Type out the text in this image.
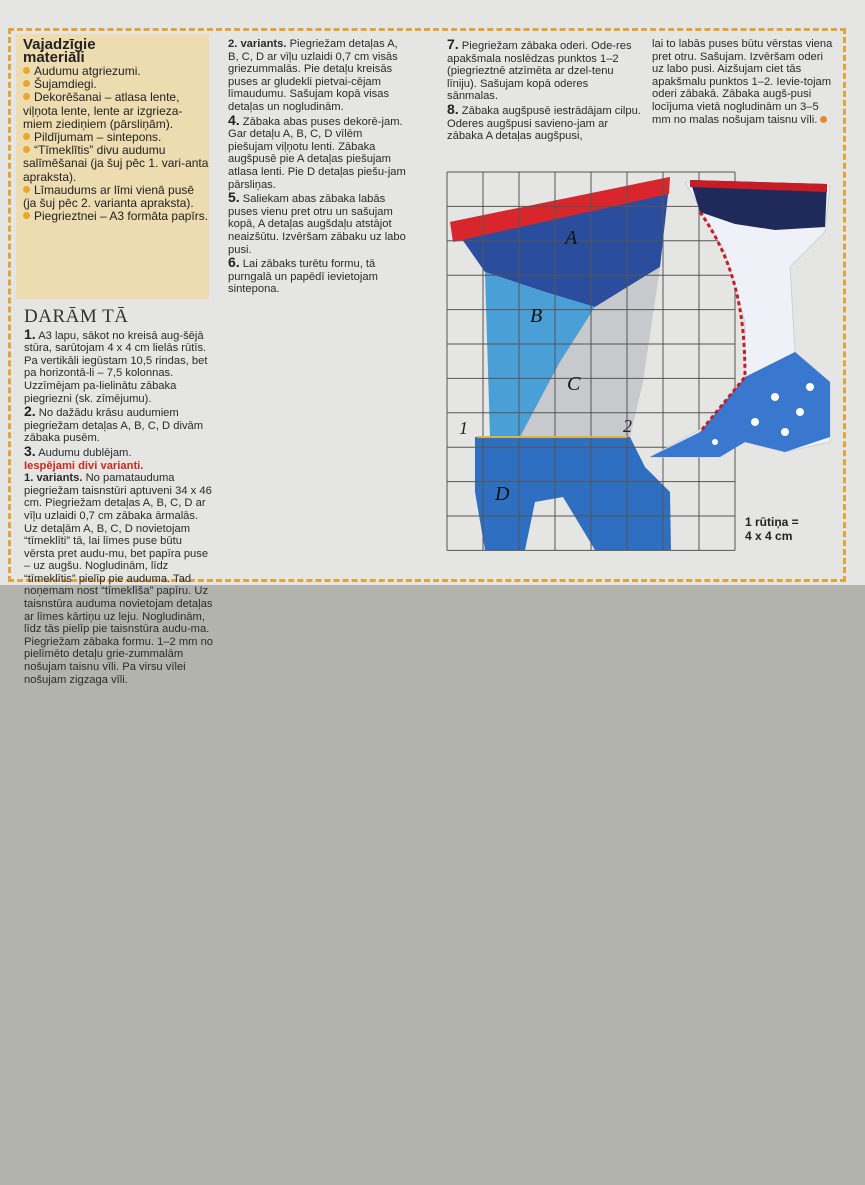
Vajadzīgie materiāli
Audumu atgriezumi.
Šujamdiegi.
Dekorēšanai – atlasa lente, viļņota lente, lente ar izgrieza-miem ziediņiem (pārsliņām).
Pildījumam – sintepons.
“Tīmeklītis” divu audumu salīmēšanai (ja šuj pēc 1. vari-anta apraksta).
Līmaudums ar līmi vienā pusē (ja šuj pēc 2. varianta apraksta).
Piegrieztnei – A3 formāta papīrs.
DARĀM TĀ

1. A3 lapu, sākot no kreisā aug-šējā stūra, sarūtojam 4 x 4 cm lielās rūtīs. Pa vertikāli iegūstam 10,5 rindas, bet pa horizontā-li – 7,5 kolonnas. Uzzīmējam pa-lielinātu zābaka piegriezni (sk. zīmējumu).

2. No dažādu krāsu audumiem piegriežam detaļas A, B, C, D divām zābaka pusēm.

3. Audumu dublējam.

Iespējami divi varianti.

1. variants. No pamatauduma piegriežam taisnstūri aptuveni 34 x 46 cm. Piegriežam detaļas A, B, C, D ar vīļu uzlaidi 0,7 cm zābaka ārmalās. Uz detaļām A, B, C, D novietojam “tīmeklīti” tā, lai līmes puse būtu vērsta pret audu-mu, bet papīra puse – uz augšu. Nogludinām, līdz “tīmeklītis” pielīp pie auduma. Tad noņemam nost “tīmeklīša” papīru. Uz taisnstūra auduma novietojam detaļas ar līmes kārtiņu uz leju. Nogludinām, līdz tās pielīp pie taisnstūra audu-ma. Piegriežam zābaka formu. 1–2 mm no pielīmēto detaļu grie-zummalām nošujam taisnu vīli. Pa virsu vīlei nošujam zigzaga vīli.

2. variants. Piegriežam detaļas A, B, C, D ar vīļu uzlaidi 0,7 cm visās griezummalās. Pie detaļu kreisās puses ar gludekli pietvai-cējam līmaudumu. Sašujam kopā visas detaļas un nogludinām.

4. Zābaka abas puses dekorē-jam. Gar detaļu A, B, C, D vīlēm piešujam viļņotu lenti. Zābaka augšpusē pie A detaļas piešujam atlasa lenti. Pie D detaļas piešu-jam pārsliņas.

5. Saliekam abas zābaka labās puses vienu pret otru un sašujam kopā, A detaļas augšdaļu atstājot neaizšūtu. Izvēršam zābaku uz labo pusi.

6. Lai zābaks turētu formu, tā purngalā un papēdī ievietojam sintepona.

7. Piegriežam zābaka oderi. Ode-res apakšmala noslēdzas punktos 1–2 (piegrieztnē atzīmēta ar dzel-tenu līniju). Sašujam kopā oderes sānmalas.

8. Zābaka augšpusē iestrādājam cilpu. Oderes augšpusi savieno-jam ar zābaka A detaļas augšpusi,

lai to labās puses būtu vērstas viena pret otru. Sašujam. Izvēršam oderi uz labo pusi. Aizšujam ciet tās apakšmalu punktos 1–2. Ievie-tojam oderi zābakā. Zābaka augš-pusi locījuma vietā nogludinām un 3–5 mm no malas nošujam taisnu vīli.

1	2
A
B
C
D
1 rūtiņa =
4 x 4 cm
